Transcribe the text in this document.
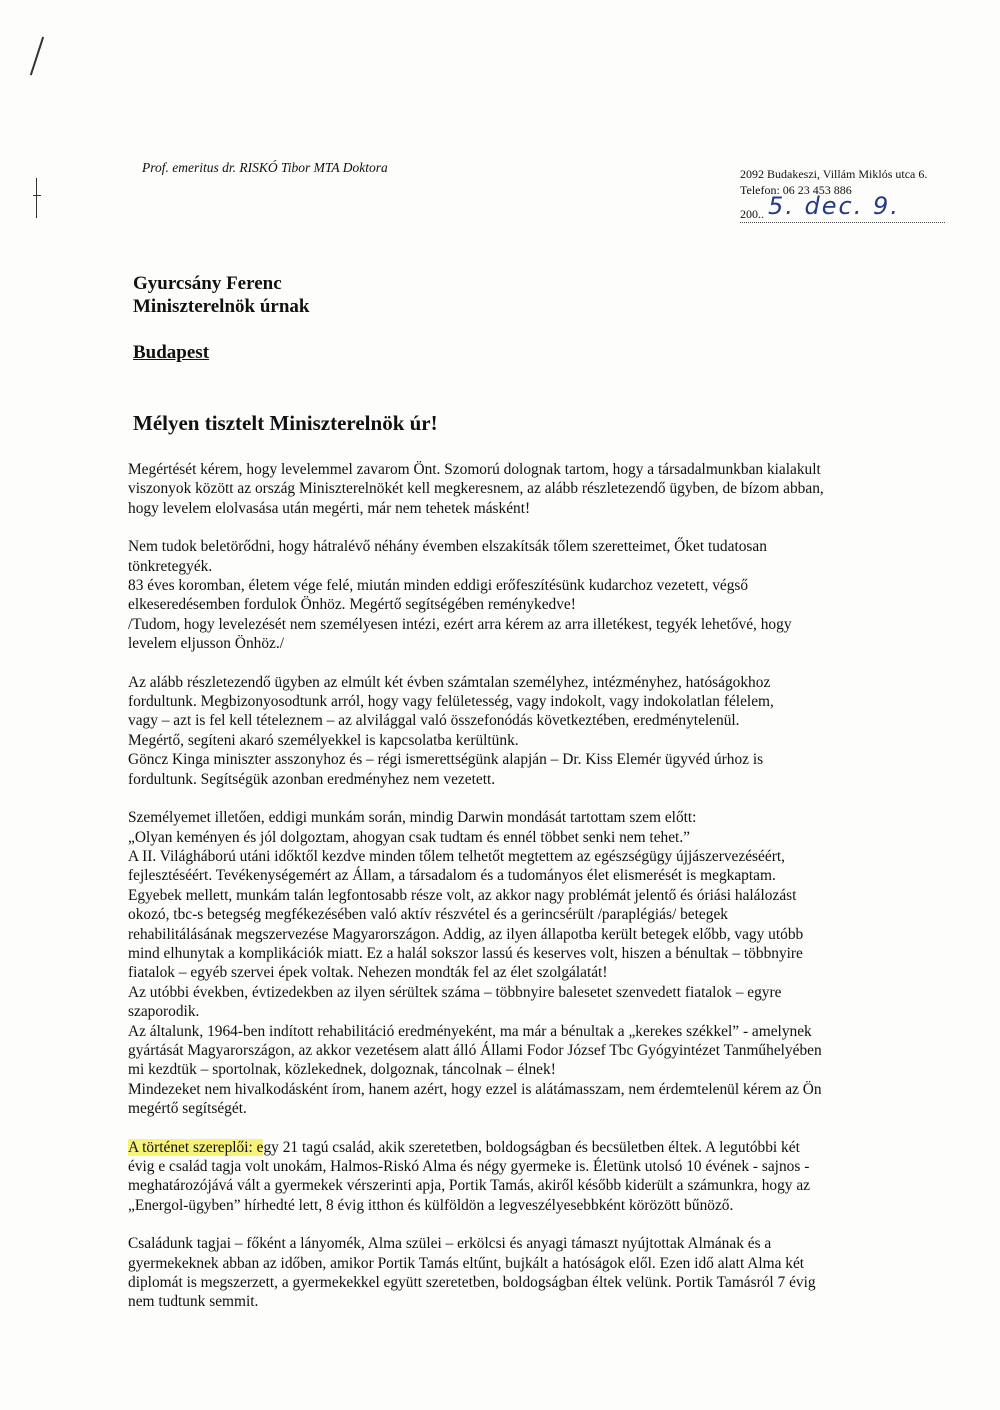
Prof. emeritus dr. RISKÓ Tibor MTA Doktora	2092 Budakeszi, Villám Miklós utca 6.
Telefon: 06 23 453 886
200.. 5. dec. 9.
Gyurcsány Ferenc
Miniszterelnök úrnak
Budapest
Mélyen tisztelt Miniszterelnök úr!
Megértését kérem, hogy levelemmel zavarom Önt. Szomorú dolognak tartom, hogy a társadalmunkban kialakult
viszonyok között az ország Miniszterelnökét kell megkeresnem, az alább részletezendő ügyben, de bízom abban,
hogy levelem elolvasása után megérti, már nem tehetek másként!
Nem tudok beletörődni, hogy hátralévő néhány évemben elszakítsák tőlem szeretteimet, Őket tudatosan
tönkretegyék.
83 éves koromban, életem vége felé, miután minden eddigi erőfeszítésünk kudarchoz vezetett, végső
elkeseredésemben fordulok Önhöz. Megértő segítségében reménykedve!
/Tudom, hogy levelezését nem személyesen intézi, ezért arra kérem az arra illetékest, tegyék lehetővé, hogy
levelem eljusson Önhöz./
Az alább részletezendő ügyben az elmúlt két évben számtalan személyhez, intézményhez, hatóságokhoz
fordultunk. Megbizonyosodtunk arról, hogy vagy felületesség, vagy indokolt, vagy indokolatlan félelem,
vagy – azt is fel kell tételeznem – az alvilággal való összefonódás következtében, eredménytelenül.
Megértő, segíteni akaró személyekkel is kapcsolatba kerültünk.
Göncz Kinga miniszter asszonyhoz és – régi ismerettségünk alapján – Dr. Kiss Elemér ügyvéd úrhoz is
fordultunk. Segítségük azonban eredményhez nem vezetett.
Személyemet illetően, eddigi munkám során, mindig Darwin mondását tartottam szem előtt:
„Olyan keményen és jól dolgoztam, ahogyan csak tudtam és ennél többet senki nem tehet.”
A II. Világháború utáni időktől kezdve minden tőlem telhetőt megtettem az egészségügy újjászervezéséért,
fejlesztéséért. Tevékenységemért az Állam, a társadalom és a tudományos élet elismerését is megkaptam.
Egyebek mellett, munkám talán legfontosabb része volt, az akkor nagy problémát jelentő és óriási halálozást
okozó, tbc-s betegség megfékezésében való aktív részvétel és a gerincsérült /paraplégiás/ betegek
rehabilitálásának megszervezése Magyarországon. Addig, az ilyen állapotba került betegek előbb, vagy utóbb
mind elhunytak a komplikációk miatt. Ez a halál sokszor lassú és keserves volt, hiszen a bénultak – többnyire
fiatalok – egyéb szervei épek voltak. Nehezen mondták fel az élet szolgálatát!
Az utóbbi években, évtizedekben az ilyen sérültek száma – többnyire balesetet szenvedett fiatalok – egyre
szaporodik.
Az általunk, 1964-ben indított rehabilitáció eredményeként, ma már a bénultak a „kerekes székkel” - amelynek
gyártását Magyarországon, az akkor vezetésem alatt álló Állami Fodor József Tbc Gyógyintézet Tanműhelyében
mi kezdtük – sportolnak, közlekednek, dolgoznak, táncolnak – élnek!
Mindezeket nem hivalkodásként írom, hanem azért, hogy ezzel is alátámasszam, nem érdemtelenül kérem az Ön
megértő segítségét.
A történet szereplői: egy 21 tagú család, akik szeretetben, boldogságban és becsületben éltek. A legutóbbi két
évig e család tagja volt unokám, Halmos-Riskó Alma és négy gyermeke is. Életünk utolsó 10 évének - sajnos -
meghatározójává vált a gyermekek vérszerinti apja, Portik Tamás, akiről később kiderült a számunkra, hogy az
„Energol-ügyben” hírhedté lett, 8 évig itthon és külföldön a legveszélyesebbként körözött bűnöző.
Családunk tagjai – főként a lányomék, Alma szülei – erkölcsi és anyagi támaszt nyújtottak Almának és a
gyermekeknek abban az időben, amikor Portik Tamás eltűnt, bujkált a hatóságok elől. Ezen idő alatt Alma két
diplomát is megszerzett, a gyermekekkel együtt szeretetben, boldogságban éltek velünk. Portik Tamásról 7 évig
nem tudtunk semmit.
